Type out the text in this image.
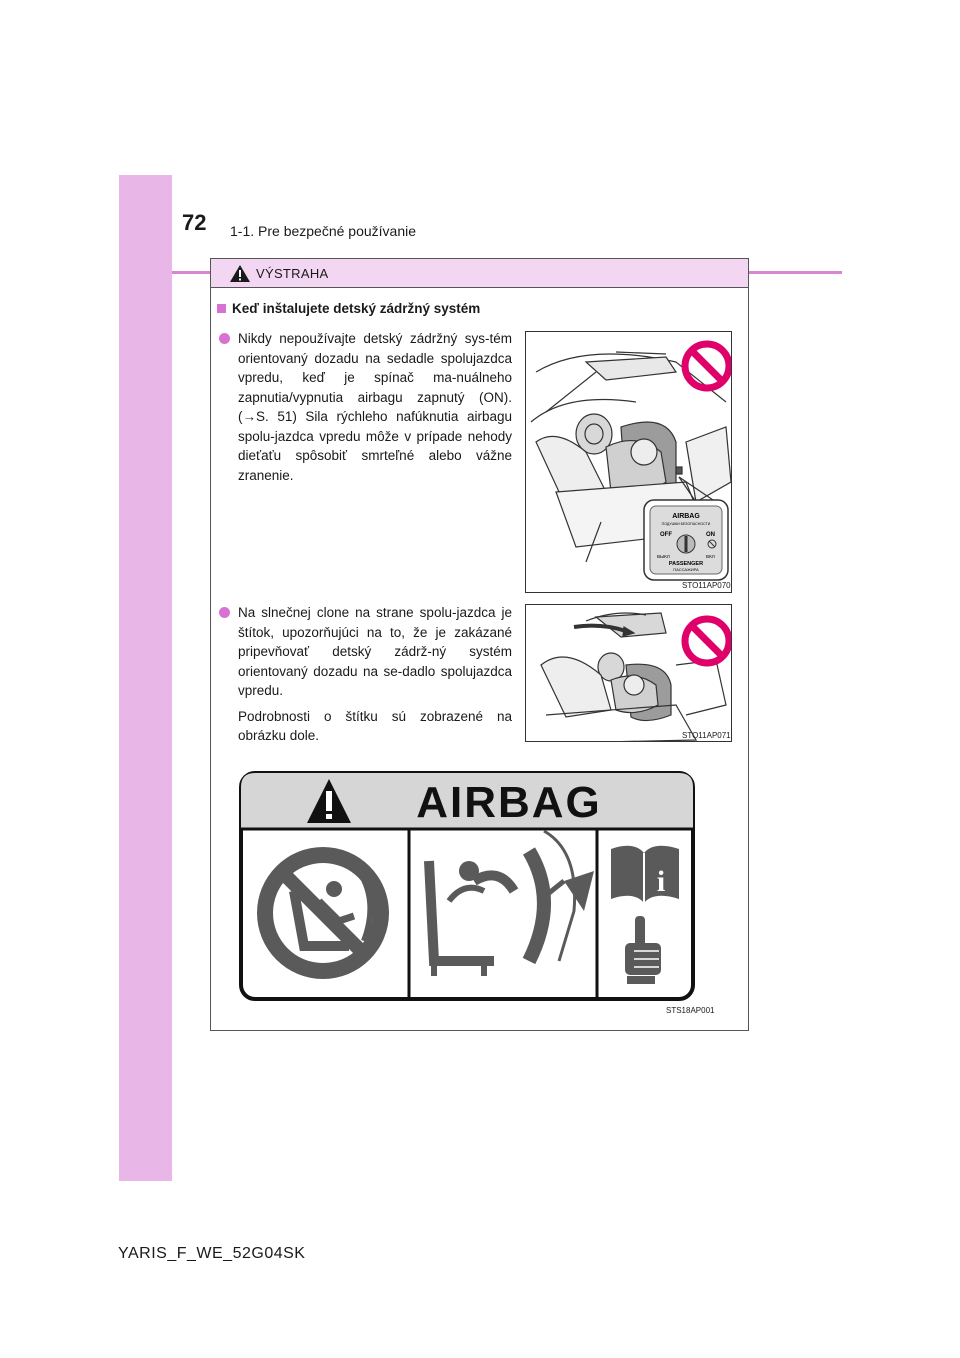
72 1-1. Pre bezpečné používanie
VÝSTRAHA
Keď inštalujete detský zádržný systém

Nikdy nepoužívajte detský zádržný sys-tém orientovaný dozadu na sedadle spolujazdca vpredu, keď je spínač ma-nuálneho zapnutia/vypnutia airbagu zapnutý (ON). (→S. 51) Sila rýchleho nafúknutia airbagu spolu-jazdca vpredu môže v prípade nehody dieťaťu spôsobiť smrteľné alebo vážne zranenie.

Na slnečnej clone na strane spolu-jazdca je štítok, upozorňujúci na to, že je zakázané pripevňovať detský zádrž-ný systém orientovaný dozadu na se-dadlo spolujazdca vpredu.

Podrobnosti o štítku sú zobrazené na obrázku dole.

AIRBAG
ПОДУШКИ БЕЗОПАСНОСТИ
OFF	ON
ВЫКЛ	ВКЛ
PASSENGER
ПАССАЖИРА
STO11AP070
STO11AP071
AIRBAG
i
STS18AP001
YARIS_F_WE_52G04SK
